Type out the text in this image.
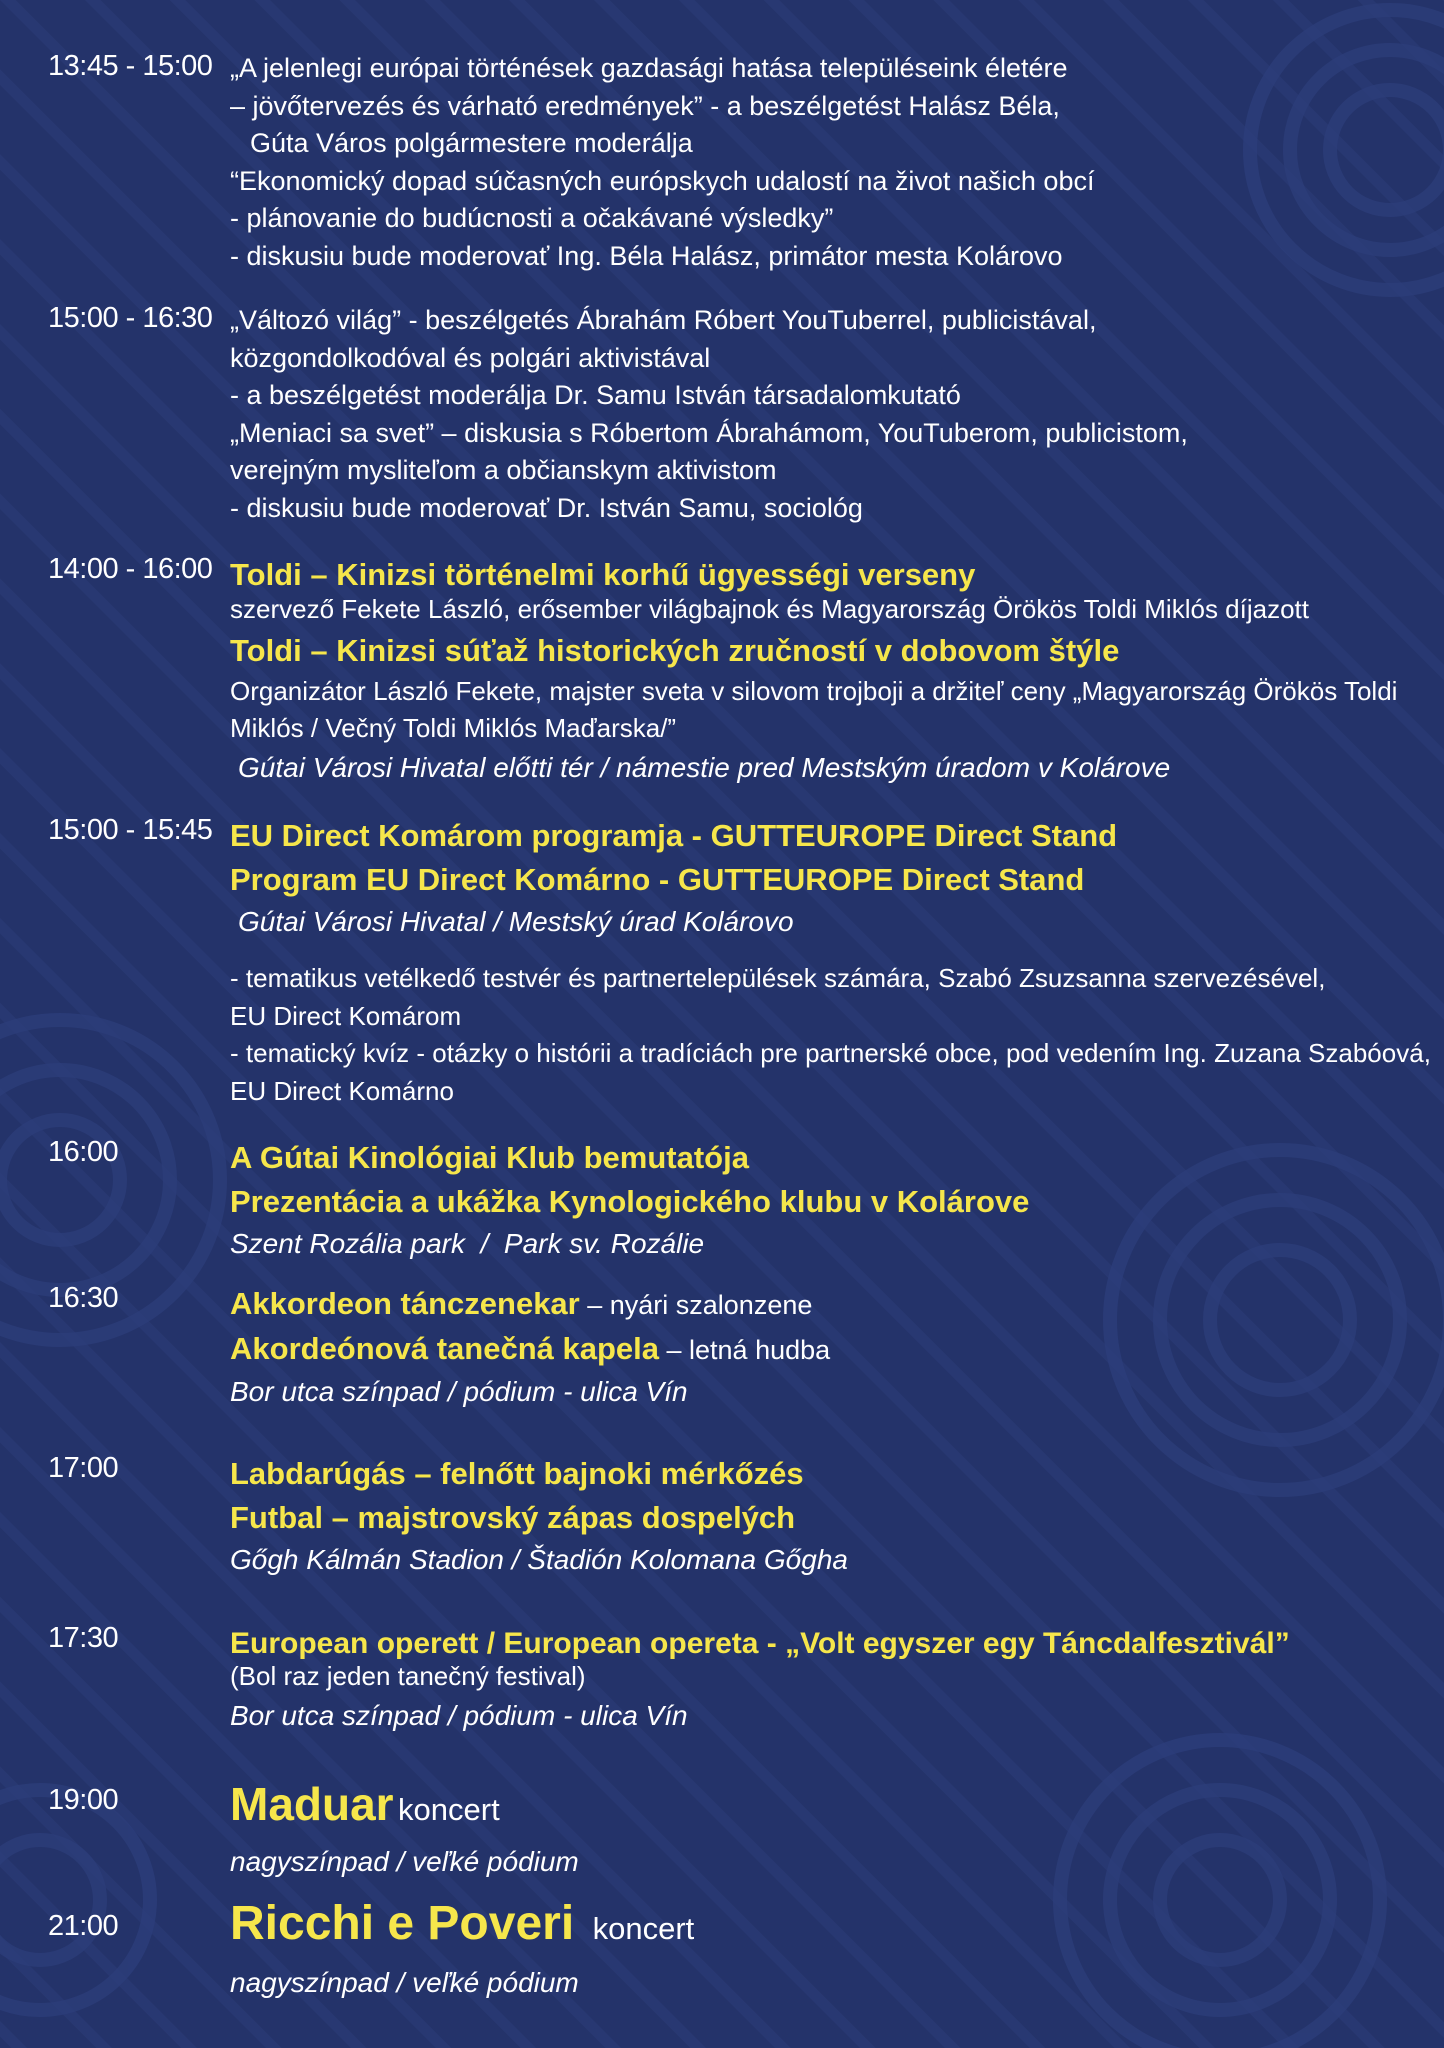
13:45 - 15:00 „A jelenlegi európai történések gazdasági hatása településeink életére
– jövőtervezés és várható eredmények” - a beszélgetést Halász Béla,
Gúta Város polgármestere moderálja
“Ekonomický dopad súčasných európskych udalostí na život našich obcí
- plánovanie do budúcnosti a očakávané výsledky”
- diskusiu bude moderovať Ing. Béla Halász, primátor mesta Kolárovo
15:00 - 16:30 „Változó világ” - beszélgetés Ábrahám Róbert YouTuberrel, publicistával,
közgondolkodóval és polgári aktivistával
- a beszélgetést moderálja Dr. Samu István társadalomkutató
„Meniaci sa svet” – diskusia s Róbertom Ábrahámom, YouTuberom, publicistom,
verejným mysliteľom a občianskym aktivistom
- diskusiu bude moderovať Dr. István Samu, sociológ
14:00 - 16:00 Toldi – Kinizsi történelmi korhű ügyességi verseny
szervező Fekete László, erősember világbajnok és Magyarország Örökös Toldi Miklós díjazott
Toldi – Kinizsi súťaž historických zručností v dobovom štýle
Organizátor László Fekete, majster sveta v silovom trojboji a držiteľ ceny „Magyarország Örökös Toldi
Miklós / Večný Toldi Miklós Maďarska/”
Gútai Városi Hivatal előtti tér / námestie pred Mestským úradom v Kolárove
15:00 - 15:45 EU Direct Komárom programja - GUTTEUROPE Direct Stand
Program EU Direct Komárno - GUTTEUROPE Direct Stand
Gútai Városi Hivatal / Mestský úrad Kolárovo
- tematikus vetélkedő testvér és partnertelepülések számára, Szabó Zsuzsanna szervezésével,
EU Direct Komárom
- tematický kvíz - otázky o histórii a tradíciách pre partnerské obce, pod vedením Ing. Zuzana Szabóová,
EU Direct Komárno
16:00	A Gútai Kinológiai Klub bemutatója
Prezentácia a ukážka Kynologického klubu v Kolárove
Szent Rozália park  /  Park sv. Rozálie
16:30	Akkordeon tánczenekar – nyári szalonzene
Akordeónová tanečná kapela – letná hudba
Bor utca színpad / pódium - ulica Vín
17:00	Labdarúgás – felnőtt bajnoki mérkőzés
Futbal – majstrovský zápas dospelých
Gőgh Kálmán Stadion / Štadión Kolomana Gőgha
17:30	European operett / European opereta - „Volt egyszer egy Táncdalfesztivál”
(Bol raz jeden tanečný festival)
Bor utca színpad / pódium - ulica Vín
19:00 Maduar koncert
nagyszínpad / veľké pódium
21:00 Ricchi e Poveri koncert
nagyszínpad / veľké pódium
